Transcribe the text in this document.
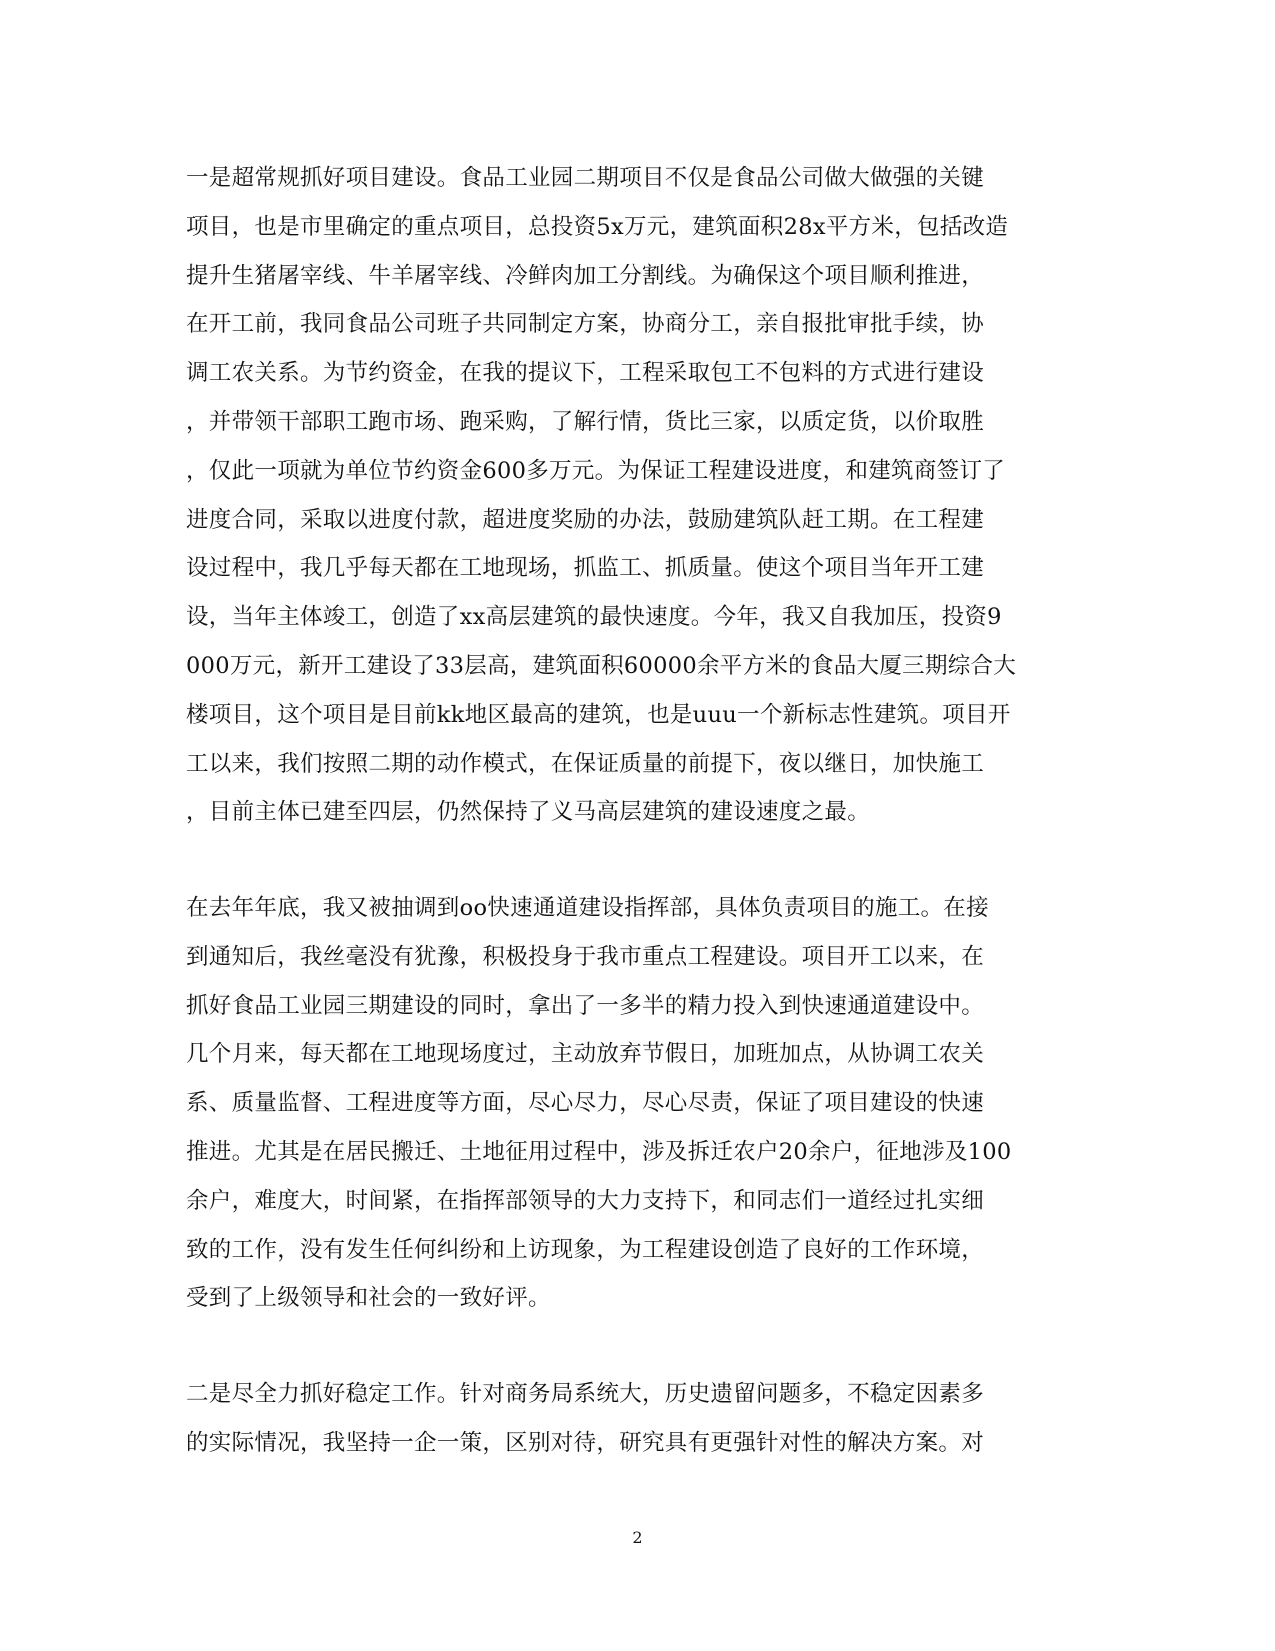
一是超常规抓好项目建设。食品工业园二期项目不仅是食品公司做大做强的关键
项目，也是市里确定的重点项目，总投资5x万元，建筑面积28x平方米，包括改造
提升生猪屠宰线、牛羊屠宰线、冷鲜肉加工分割线。为确保这个项目顺利推进，
在开工前，我同食品公司班子共同制定方案，协商分工，亲自报批审批手续，协
调工农关系。为节约资金，在我的提议下，工程采取包工不包料的方式进行建设
，并带领干部职工跑市场、跑采购，了解行情，货比三家，以质定货，以价取胜
，仅此一项就为单位节约资金600多万元。为保证工程建设进度，和建筑商签订了
进度合同，采取以进度付款，超进度奖励的办法，鼓励建筑队赶工期。在工程建
设过程中，我几乎每天都在工地现场，抓监工、抓质量。使这个项目当年开工建
设，当年主体竣工，创造了xx高层建筑的最快速度。今年，我又自我加压，投资9
000万元，新开工建设了33层高，建筑面积60000余平方米的食品大厦三期综合大
楼项目，这个项目是目前kk地区最高的建筑，也是uuu一个新标志性建筑。项目开
工以来，我们按照二期的动作模式，在保证质量的前提下，夜以继日，加快施工
，目前主体已建至四层，仍然保持了义马高层建筑的建设速度之最。
在去年年底，我又被抽调到oo快速通道建设指挥部，具体负责项目的施工。在接
到通知后，我丝毫没有犹豫，积极投身于我市重点工程建设。项目开工以来，在
抓好食品工业园三期建设的同时，拿出了一多半的精力投入到快速通道建设中。
几个月来，每天都在工地现场度过，主动放弃节假日，加班加点，从协调工农关
系、质量监督、工程进度等方面，尽心尽力，尽心尽责，保证了项目建设的快速
推进。尤其是在居民搬迁、土地征用过程中，涉及拆迁农户20余户，征地涉及100
余户，难度大，时间紧，在指挥部领导的大力支持下，和同志们一道经过扎实细
致的工作，没有发生任何纠纷和上访现象，为工程建设创造了良好的工作环境，
受到了上级领导和社会的一致好评。
二是尽全力抓好稳定工作。针对商务局系统大，历史遗留问题多，不稳定因素多
的实际情况，我坚持一企一策，区别对待，研究具有更强针对性的解决方案。对
2
